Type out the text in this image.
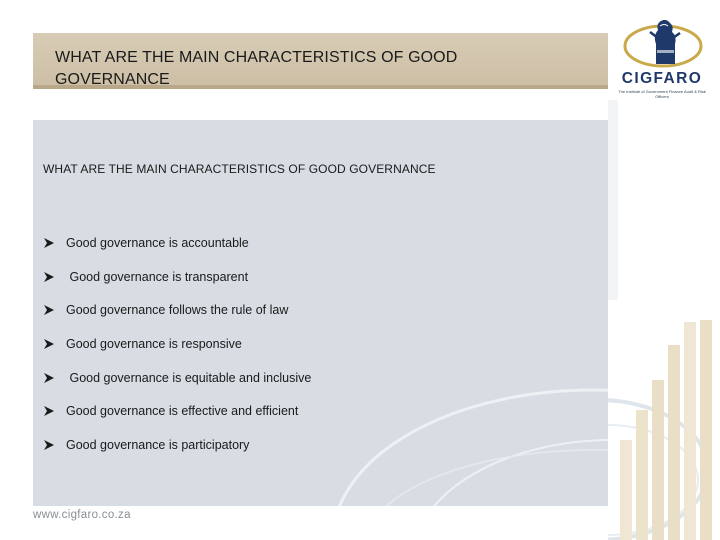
WHAT ARE THE MAIN CHARACTERISTICS OF GOOD GOVERNANCE
WHAT ARE THE MAIN CHARACTERISTICS OF GOOD GOVERNANCE
Good governance is accountable
Good governance is transparent
Good governance follows the rule of law
Good governance is responsive
Good governance is equitable and inclusive
Good governance is effective and efficient
Good governance is participatory
CIGFARO
The Institute of Government Finance Audit & Risk Officers
www.cigfaro.co.za
